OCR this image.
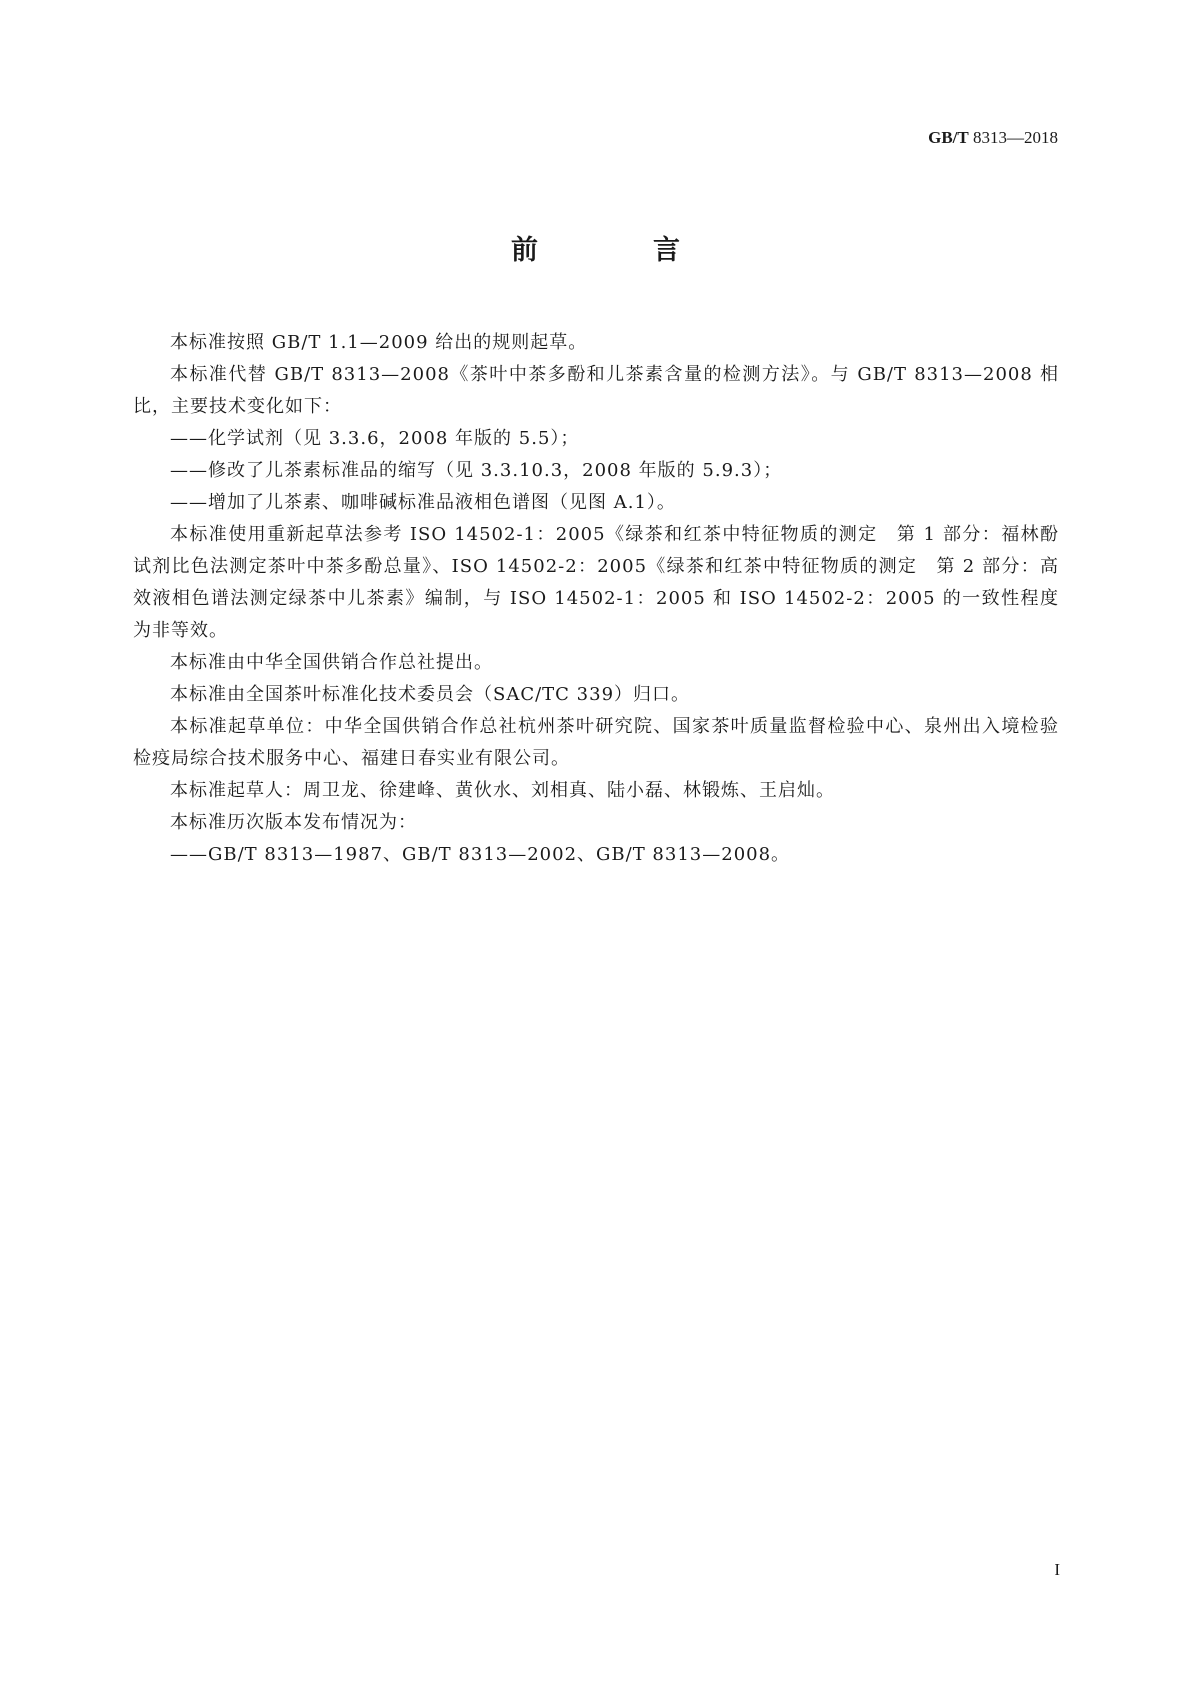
GB/T 8313—2018
前　言

本标准按照 GB/T 1.1—2009 给出的规则起草。

本标准代替 GB/T 8313—2008《茶叶中茶多酚和儿茶素含量的检测方法》。与 GB/T 8313—2008 相比，主要技术变化如下：

——化学试剂（见 3.3.6，2008 年版的 5.5）；

——修改了儿茶素标准品的缩写（见 3.3.10.3，2008 年版的 5.9.3）；

——增加了儿茶素、咖啡碱标准品液相色谱图（见图 A.1）。

本标准使用重新起草法参考 ISO 14502-1：2005《绿茶和红茶中特征物质的测定　第 1 部分：福林酚试剂比色法测定茶叶中茶多酚总量》、ISO 14502-2：2005《绿茶和红茶中特征物质的测定　第 2 部分：高效液相色谱法测定绿茶中儿茶素》编制，与 ISO 14502-1：2005 和 ISO 14502-2：2005 的一致性程度为非等效。

本标准由中华全国供销合作总社提出。

本标准由全国茶叶标准化技术委员会（SAC/TC 339）归口。

本标准起草单位：中华全国供销合作总社杭州茶叶研究院、国家茶叶质量监督检验中心、泉州出入境检验检疫局综合技术服务中心、福建日春实业有限公司。

本标准起草人：周卫龙、徐建峰、黄伙水、刘相真、陆小磊、林锻炼、王启灿。

本标准历次版本发布情况为：

——GB/T 8313—1987、GB/T 8313—2002、GB/T 8313—2008。

I
